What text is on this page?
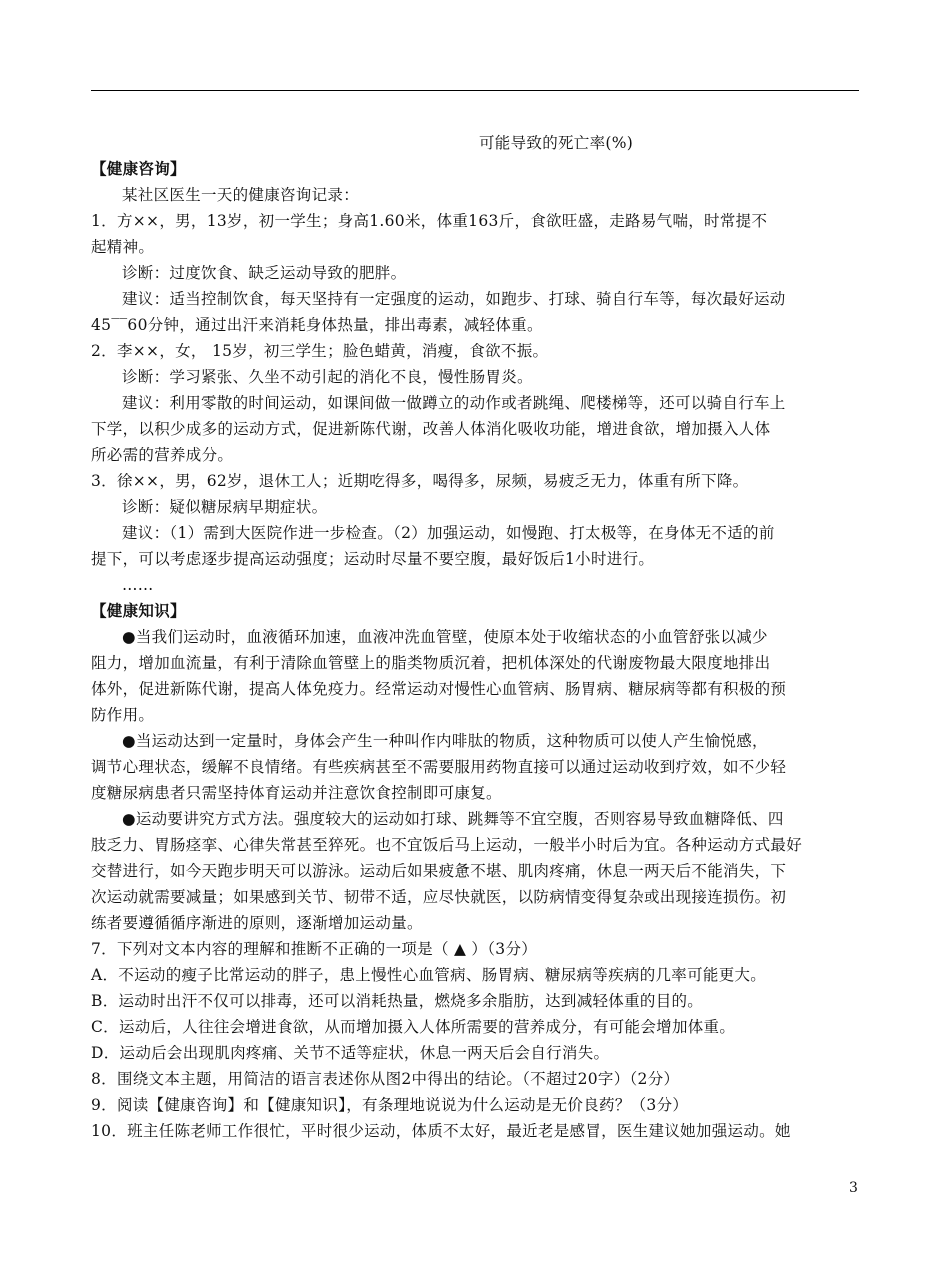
可能导致的死亡率(%)

【健康咨询】

某社区医生一天的健康咨询记录：

1．方××，男，13岁，初一学生；身高1.60米，体重163斤，食欲旺盛，走路易气喘，时常提不

起精神。

诊断：过度饮食、缺乏运动导致的肥胖。

建议：适当控制饮食，每天坚持有一定强度的运动，如跑步、打球、骑自行车等，每次最好运动

45‾‾60分钟，通过出汗来消耗身体热量，排出毒素，减轻体重。

2．李××，女， 15岁，初三学生；脸色蜡黄，消瘦，食欲不振。

诊断：学习紧张、久坐不动引起的消化不良，慢性肠胃炎。

建议：利用零散的时间运动，如课间做一做蹲立的动作或者跳绳、爬楼梯等，还可以骑自行车上

下学，以积少成多的运动方式，促进新陈代谢，改善人体消化吸收功能，增进食欲，增加摄入人体

所必需的营养成分。

3．徐××，男，62岁，退休工人；近期吃得多，喝得多，尿频，易疲乏无力，体重有所下降。

诊断：疑似糖尿病早期症状。

建议：（1）需到大医院作进一步检查。（2）加强运动，如慢跑、打太极等，在身体无不适的前

提下，可以考虑逐步提高运动强度；运动时尽量不要空腹，最好饭后1小时进行。

……

【健康知识】

●当我们运动时，血液循环加速，血液冲洗血管壁，使原本处于收缩状态的小血管舒张以减少

阻力，增加血流量，有利于清除血管壁上的脂类物质沉着，把机体深处的代谢废物最大限度地排出

体外，促进新陈代谢，提高人体免疫力。经常运动对慢性心血管病、肠胃病、糖尿病等都有积极的预

防作用。

●当运动达到一定量时，身体会产生一种叫作内啡肽的物质，这种物质可以使人产生愉悦感，

调节心理状态，缓解不良情绪。有些疾病甚至不需要服用药物直接可以通过运动收到疗效，如不少轻

度糖尿病患者只需坚持体育运动并注意饮食控制即可康复。

●运动要讲究方式方法。强度较大的运动如打球、跳舞等不宜空腹，否则容易导致血糖降低、四

肢乏力、胃肠痉挛、心律失常甚至猝死。也不宜饭后马上运动，一般半小时后为宜。各种运动方式最好

交替进行，如今天跑步明天可以游泳。运动后如果疲惫不堪、肌肉疼痛，休息一两天后不能消失，下

次运动就需要减量；如果感到关节、韧带不适，应尽快就医，以防病情变得复杂或出现接连损伤。初

练者要遵循循序渐进的原则，逐渐增加运动量。

7．下列对文本内容的理解和推断不正确的一项是（ ▲ ）（3分）

A．不运动的瘦子比常运动的胖子，患上慢性心血管病、肠胃病、糖尿病等疾病的几率可能更大。

B．运动时出汗不仅可以排毒，还可以消耗热量，燃烧多余脂肪，达到减轻体重的目的。

C．运动后，人往往会增进食欲，从而增加摄入人体所需要的营养成分，有可能会增加体重。

D．运动后会出现肌肉疼痛、关节不适等症状，休息一两天后会自行消失。

8．围绕文本主题，用简洁的语言表述你从图2中得出的结论。（不超过20字）（2分）

9．阅读【健康咨询】和【健康知识】，有条理地说说为什么运动是无价良药？（3分）

10．班主任陈老师工作很忙，平时很少运动，体质不太好，最近老是感冒，医生建议她加强运动。她

3
